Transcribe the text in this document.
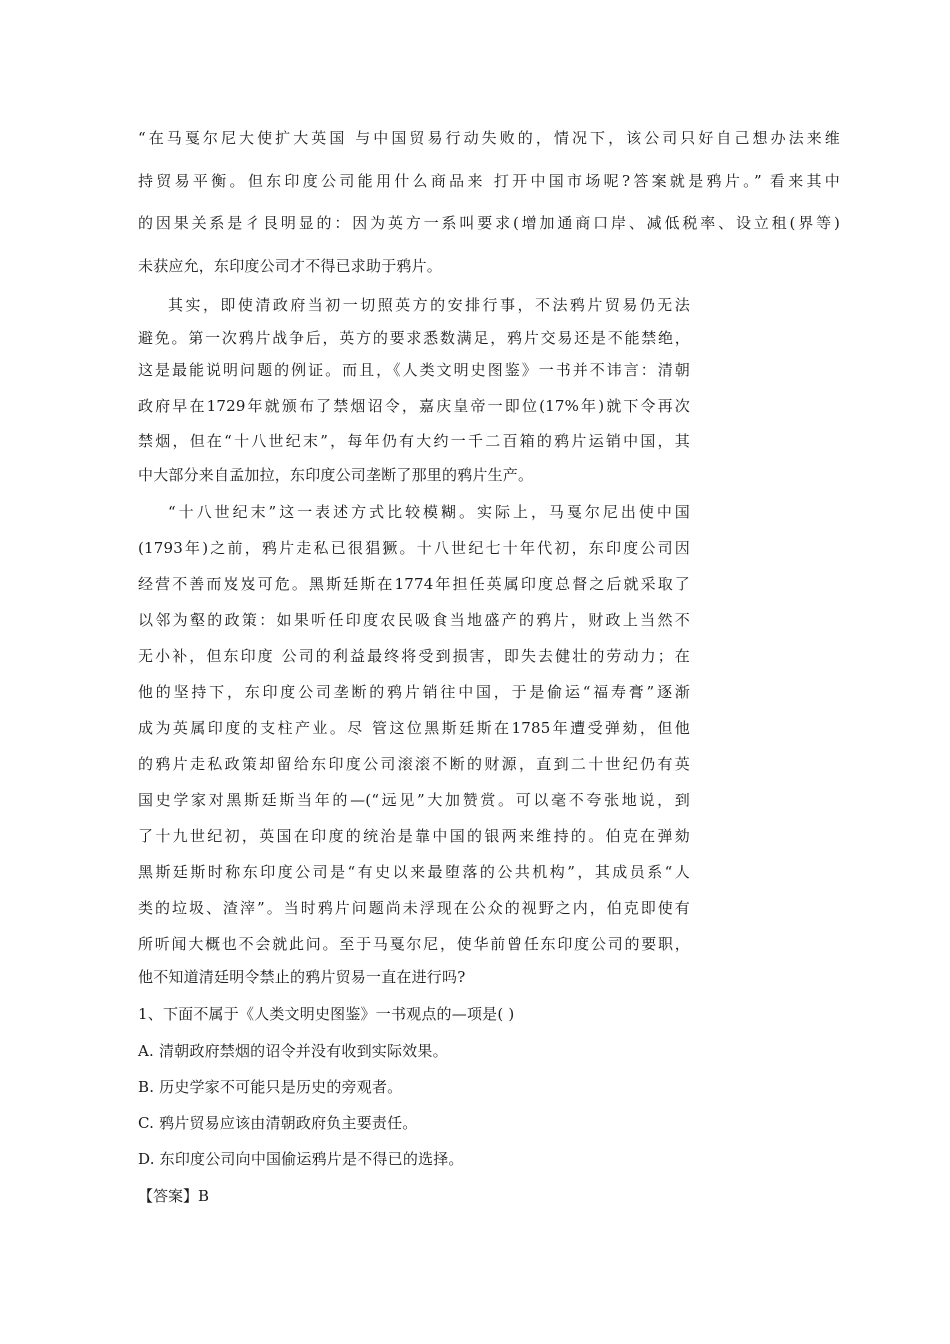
“在马戛尔尼大使扩大英国 与中国贸易行动失败的，情况下，该公司只好自己想办法来维
持贸易平衡。但东印度公司能用什么商品来 打开中国市场呢?答案就是鸦片。” 看来其中
的因果关系是彳艮明显的：因为英方一系叫要求(增加通商口岸、减低税率、设立租(界等)
未获应允，东印度公司才不得已求助于鸦片。
其实，即使清政府当初一切照英方的安排行事，不法鸦片贸易仍无法
避免。第一次鸦片战争后，英方的要求悉数满足，鸦片交易还是不能禁绝，
这是最能说明问题的例证。而且，《人类文明史图鉴》一书并不讳言：清朝
政府早在1729年就颁布了禁烟诏令，嘉庆皇帝一即位(17%年)就下令再次
禁烟，但在“十八世纪末”，每年仍有大约一千二百箱的鸦片运销中国，其
中大部分来自孟加拉，东印度公司垄断了那里的鸦片生产。
“十八世纪末”这一表述方式比较模糊。实际上，马戛尔尼出使中国
(1793年)之前，鸦片走私已很猖獗。十八世纪七十年代初，东印度公司因
经营不善而岌岌可危。黑斯廷斯在1774年担任英属印度总督之后就采取了
以邻为壑的政策：如果听任印度农民吸食当地盛产的鸦片，财政上当然不
无小补，但东印度 公司的利益最终将受到损害，即失去健壮的劳动力；在
他的坚持下，东印度公司垄断的鸦片销往中国，于是偷运“福寿膏”逐渐
成为英属印度的支柱产业。尽 管这位黑斯廷斯在1785年遭受弹劾，但他
的鸦片走私政策却留给东印度公司滚滚不断的财源，直到二十世纪仍有英
国史学家对黑斯廷斯当年的—(“远见”大加赞赏。可以毫不夸张地说，到
了十九世纪初，英国在印度的统治是靠中国的银两来维持的。伯克在弹劾
黑斯廷斯时称东印度公司是“有史以来最堕落的公共机构”，其成员系“人
类的垃圾、渣滓”。当时鸦片问题尚未浮现在公众的视野之内，伯克即使有
所听闻大概也不会就此问。至于马戛尔尼，使华前曾任东印度公司的要职，
他不知道清廷明令禁止的鸦片贸易一直在进行吗?
1、下面不属于《人类文明史图鉴》一书观点的—项是( )
A. 清朝政府禁烟的诏令并没有收到实际效果。
B. 历史学家不可能只是历史的旁观者。
C. 鸦片贸易应该由清朝政府负主要责任。
D. 东印度公司向中国偷运鸦片是不得已的选择。
【答案】B
